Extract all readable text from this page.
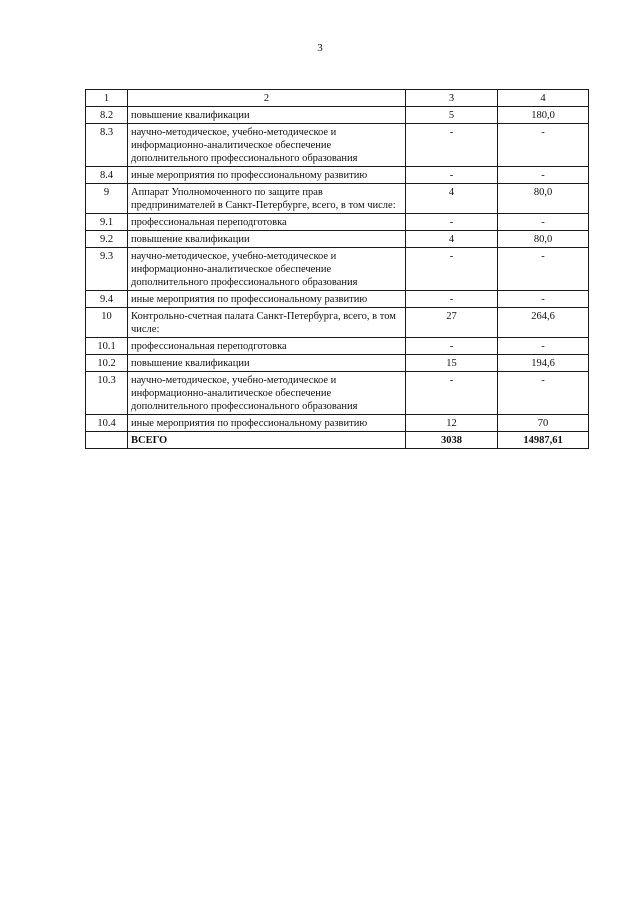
3
1	2	3	4
8.2	повышение квалификации	5	180,0
8.3	научно-методическое, учебно-методическое и информационно-аналитическое обеспечение дополнительного профессионального образования	-	-
8.4	иные мероприятия по профессиональному развитию	-	-
9	Аппарат Уполномоченного по защите прав предпринимателей в Санкт-Петербурге, всего, в том числе:	4	80,0
9.1	профессиональная переподготовка	-	-
9.2	повышение квалификации	4	80,0
9.3	научно-методическое, учебно-методическое и информационно-аналитическое обеспечение дополнительного профессионального образования	-	-
9.4	иные мероприятия по профессиональному развитию	-	-
10	Контрольно-счетная палата Санкт-Петербурга, всего, в том числе:	27	264,6
10.1	профессиональная переподготовка	-	-
10.2	повышение квалификации	15	194,6
10.3	научно-методическое, учебно-методическое и информационно-аналитическое обеспечение дополнительного профессионального образования	-	-
10.4	иные мероприятия по профессиональному развитию	12	70
	ВСЕГО	3038	14987,61
